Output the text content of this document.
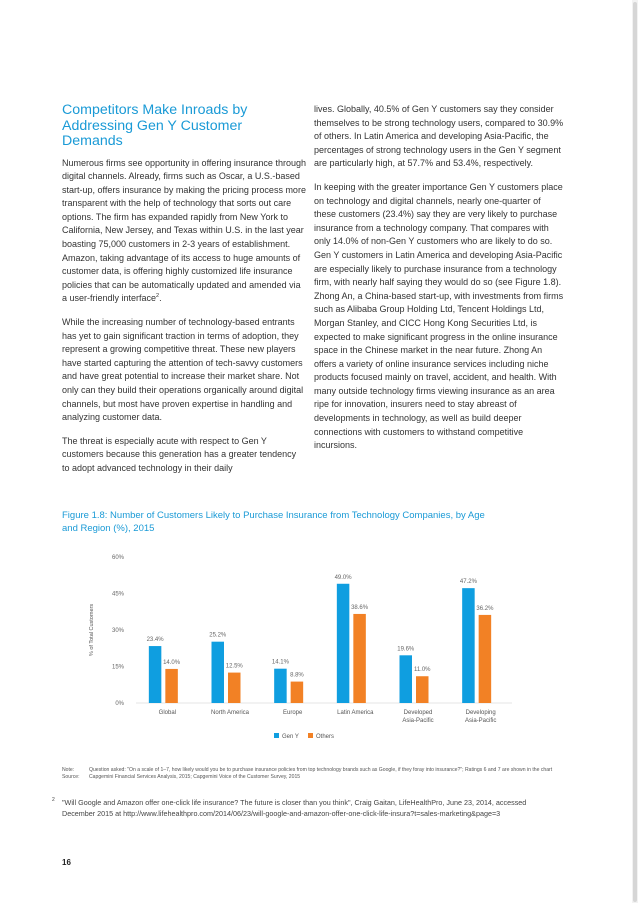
Competitors Make Inroads by Addressing Gen Y Customer Demands

Numerous firms see opportunity in offering insurance through digital channels. Already, firms such as Oscar, a U.S.-based start-up, offers insurance by making the pricing process more transparent with the help of technology that sorts out care options. The firm has expanded rapidly from New York to California, New Jersey, and Texas within U.S. in the last year boasting 75,000 customers in 2-3 years of establishment. Amazon, taking advantage of its access to huge amounts of customer data, is offering highly customized life insurance policies that can be automatically updated and amended via a user-friendly interface$^2$.

While the increasing number of technology-based entrants has yet to gain significant traction in terms of adoption, they represent a growing competitive threat. These new players have started capturing the attention of tech-savvy customers and have great potential to increase their market share. Not only can they build their operations organically around digital channels, but most have proven expertise in handling and analyzing customer data.

The threat is especially acute with respect to Gen Y customers because this generation has a greater tendency to adopt advanced technology in their daily

lives. Globally, 40.5% of Gen Y customers say they consider themselves to be strong technology users, compared to 30.9% of others. In Latin America and developing Asia-Pacific, the percentages of strong technology users in the Gen Y segment are particularly high, at 57.7% and 53.4%, respectively.

In keeping with the greater importance Gen Y customers place on technology and digital channels, nearly one-quarter of these customers (23.4%) say they are very likely to purchase insurance from a technology company. That compares with only 14.0% of non-Gen Y customers who are likely to do so. Gen Y customers in Latin America and developing Asia-Pacific are especially likely to purchase insurance from a technology firm, with nearly half saying they would do so (see Figure 1.8). Zhong An, a China-based start-up, with investments from firms such as Alibaba Group Holding Ltd, Tencent Holdings Ltd, Morgan Stanley, and CICC Hong Kong Securities Ltd, is expected to make significant progress in the online insurance space in the Chinese market in the near future. Zhong An offers a variety of online insurance services including niche products focused mainly on travel, accident, and health. With many outside technology firms viewing insurance as an area ripe for innovation, insurers need to stay abreast of developments in technology, as well as build deeper connections with customers to withstand competitive incursions.

Figure 1.8: Number of Customers Likely to Purchase Insurance from Technology Companies, by Age and Region (%), 2015
0%
15%
30%
45%
60%
% of Total Customers	23.4%
14.0%
Global
25.2%
12.5%
North America
14.1%
8.8%
Europe
49.0%
38.6%
Latin America
19.6%
11.0%
Developed
Asia-Pacific
47.2%
36.2%
Developing
Asia-Pacific
Gen Y	Others
Note:	Question asked: "On a scale of 1–7, how likely would you be to purchase insurance policies from top technology brands such as Google, if they foray into insurance?"; Ratings 6 and 7 are shown in the chart
Source:	Capgemini Financial Services Analysis, 2015; Capgemini Voice of the Customer Survey, 2015
2 "Will Google and Amazon offer one-click life insurance? The future is closer than you think", Craig Gaitan, LifeHealthPro, June 23, 2014, accessed December 2015 at http://www.lifehealthpro.com/2014/06/23/will-google-and-amazon-offer-one-click-life-insura?t=sales-marketing&page=3
16
